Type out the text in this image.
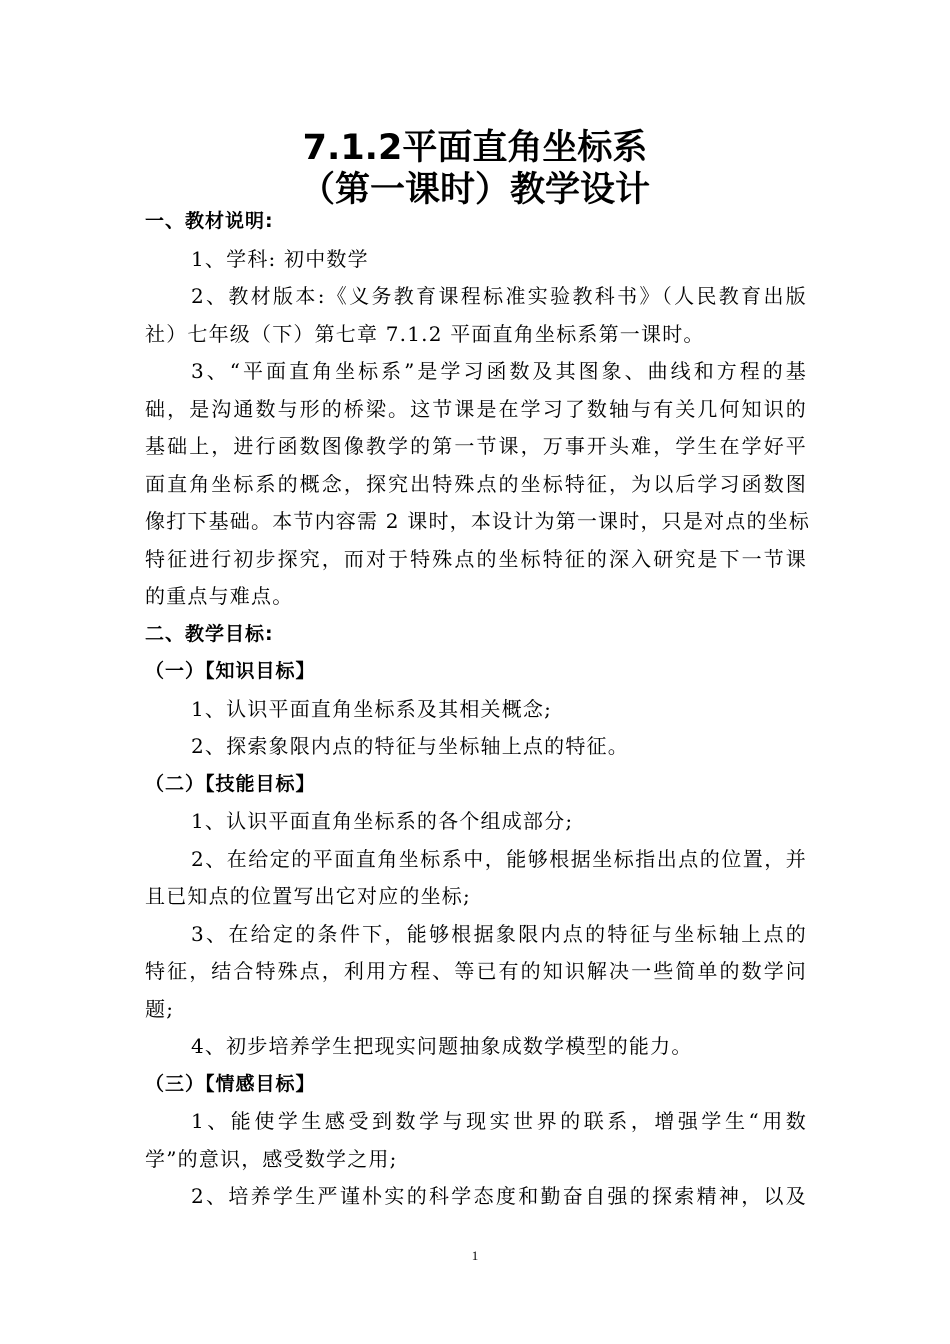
7.1.2平面直角坐标系
（第一课时）教学设计
一、教材说明:
1、学科: 初中数学
2、教材版本:《义务教育课程标准实验教科书》（人民教育出版
社）七年级（下）第七章 7.1.2 平面直角坐标系第一课时。
3、“平面直角坐标系”是学习函数及其图象、曲线和方程的基
础，是沟通数与形的桥梁。这节课是在学习了数轴与有关几何知识的
基础上，进行函数图像教学的第一节课，万事开头难，学生在学好平
面直角坐标系的概念，探究出特殊点的坐标特征，为以后学习函数图
像打下基础。本节内容需 2 课时，本设计为第一课时，只是对点的坐标
特征进行初步探究，而对于特殊点的坐标特征的深入研究是下一节课
的重点与难点。
二、教学目标:
（一）【知识目标】
1、认识平面直角坐标系及其相关概念;
2、探索象限内点的特征与坐标轴上点的特征。
（二）【技能目标】
1、认识平面直角坐标系的各个组成部分;
2、在给定的平面直角坐标系中，能够根据坐标指出点的位置，并
且已知点的位置写出它对应的坐标;
3、在给定的条件下，能够根据象限内点的特征与坐标轴上点的
特征，结合特殊点，利用方程、等已有的知识解决一些简单的数学问
题;
4、初步培养学生把现实问题抽象成数学模型的能力。
（三）【情感目标】
1、能使学生感受到数学与现实世界的联系，增强学生“用数
学”的意识，感受数学之用;
2、培养学生严谨朴实的科学态度和勤奋自强的探索精神，以及
1
